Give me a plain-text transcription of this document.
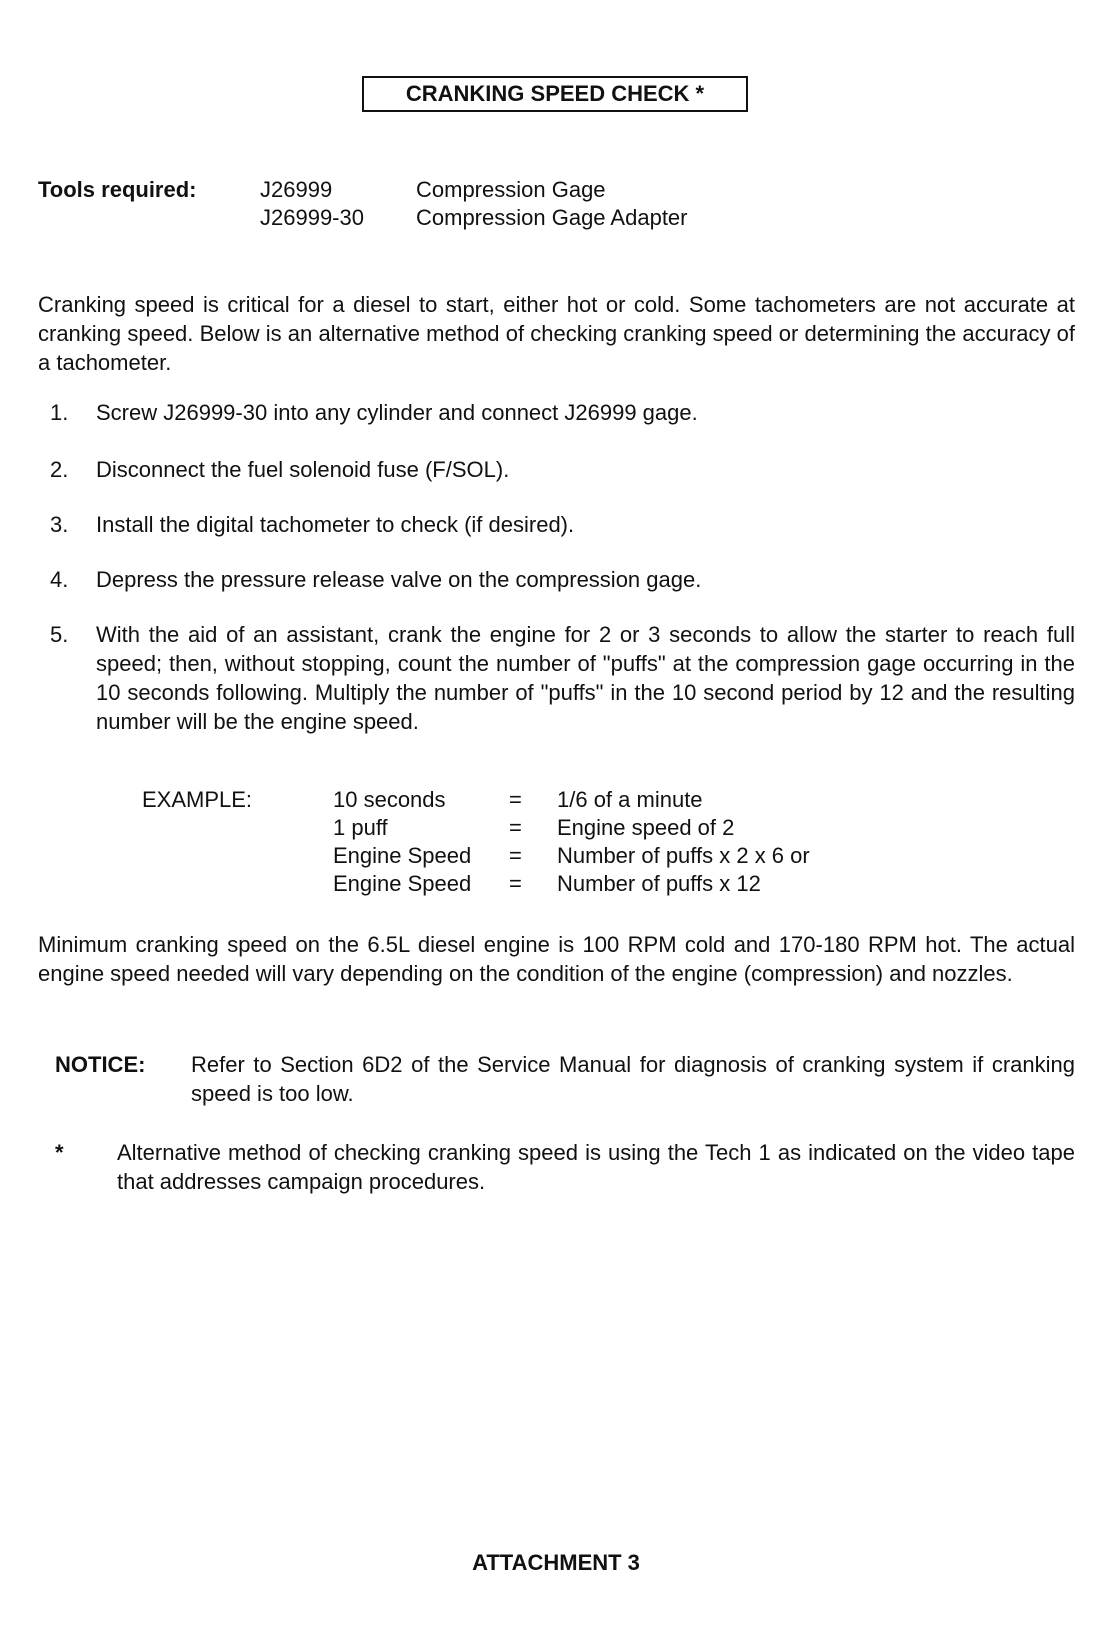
CRANKING SPEED CHECK *
Tools required:	J26999	Compression Gage
J26999-30	Compression Gage Adapter
Cranking speed is critical for a diesel to start, either hot or cold. Some tachometers are not accurate at cranking speed. Below is an alternative method of checking cranking speed or determining the accuracy of a tachometer.
1.	Screw J26999-30 into any cylinder and connect J26999 gage.
2.	Disconnect the fuel solenoid fuse (F/SOL).
3.	Install the digital tachometer to check (if desired).
4.	Depress the pressure release valve on the compression gage.
5.	With the aid of an assistant, crank the engine for 2 or 3 seconds to allow the starter to reach full speed; then, without stopping, count the number of "puffs" at the compression gage occurring in the 10 seconds following. Multiply the number of "puffs" in the 10 second period by 12 and the resulting number will be the engine speed.
EXAMPLE:	10 seconds	=	1/6 of a minute
1 puff	=	Engine speed of 2
Engine Speed	=	Number of puffs x 2 x 6 or
Engine Speed	=	Number of puffs x 12
Minimum cranking speed on the 6.5L diesel engine is 100 RPM cold and 170-180 RPM hot. The actual engine speed needed will vary depending on the condition of the engine (compression) and nozzles.
NOTICE:	Refer to Section 6D2 of the Service Manual for diagnosis of cranking system if cranking speed is too low.
*	Alternative method of checking cranking speed is using the Tech 1 as indicated on the video tape that addresses campaign procedures.
ATTACHMENT 3
